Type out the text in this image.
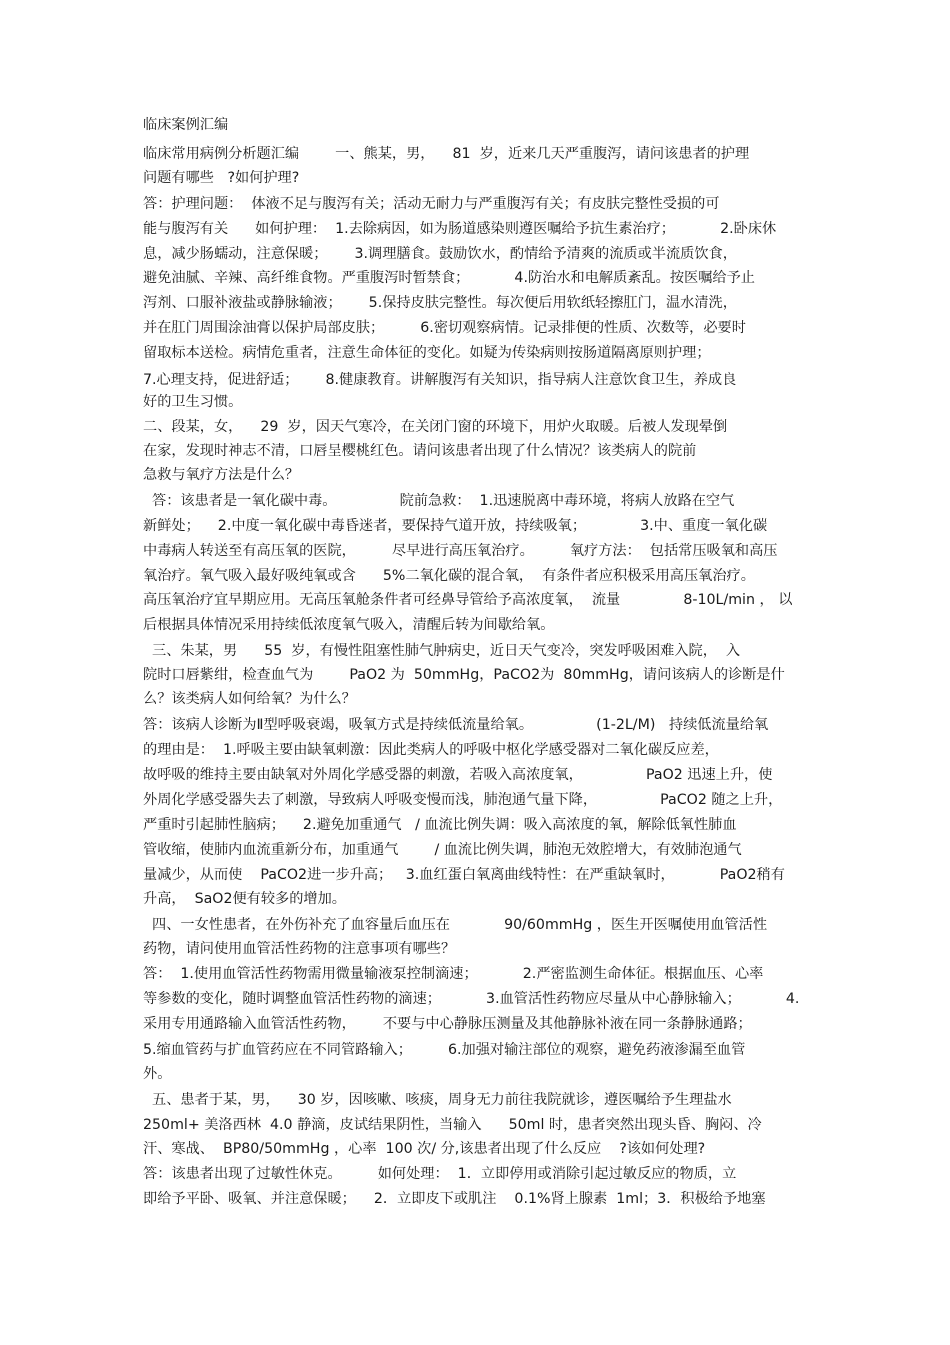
临床案例汇编
临床常用病例分析题汇编        一、熊某，男，    81  岁，近来几天严重腹泻，请问该患者的护理
问题有哪些   ?如何护理?
答：护理问题：  体液不足与腹泻有关；活动无耐力与严重腹泻有关；有皮肤完整性受损的可
能与腹泻有关      如何护理：  1.去除病因，如为肠道感染则遵医嘱给予抗生素治疗；          2.卧床休
息，减少肠蠕动，注意保暖；      3.调理膳食。鼓励饮水，酌情给予清爽的流质或半流质饮食，
避免油腻、辛辣、高纤维食物。严重腹泻时暂禁食；          4.防治水和电解质紊乱。按医嘱给予止
泻剂、口服补液盐或静脉输液；      5.保持皮肤完整性。每次便后用软纸轻擦肛门，温水清洗，
并在肛门周围涂油膏以保护局部皮肤；        6.密切观察病情。记录排便的性质、次数等，必要时
留取标本送检。病情危重者，注意生命体征的变化。如疑为传染病则按肠道隔离原则护理；
7.心理支持，促进舒适；      8.健康教育。讲解腹泻有关知识，指导病人注意饮食卫生，养成良
好的卫生习惯。
二、段某，女，    29  岁，因天气寒冷，在关闭门窗的环境下，用炉火取暖。后被人发现晕倒
在家，发现时神志不清，口唇呈樱桃红色。请问该患者出现了什么情况？该类病人的院前
急救与氧疗方法是什么？
答：该患者是一氧化碳中毒。              院前急救：  1.迅速脱离中毒环境，将病人放路在空气
新鲜处；    2.中度一氧化碳中毒昏迷者，要保持气道开放，持续吸氧；            3.中、重度一氧化碳
中毒病人转送至有高压氧的医院，        尽早进行高压氧治疗。        氧疗方法：  包括常压吸氧和高压
氧治疗。氧气吸入最好吸纯氧或含      5%二氧化碳的混合氧，  有条件者应积极采用高压氧治疗。
高压氧治疗宜早期应用。无高压氧舱条件者可经鼻导管给予高浓度氧，  流量              8-10L/min ， 以
后根据具体情况采用持续低浓度氧气吸入，清醒后转为间歇给氧。
三、朱某，男      55  岁，有慢性阻塞性肺气肿病史，近日天气变冷，突发呼吸困难入院，  入
院时口唇紫绀，检查血气为        PaO2 为  50mmHg，PaCO2为  80mmHg，请问该病人的诊断是什
么？该类病人如何给氧？为什么？
答：该病人诊断为Ⅱ型呼吸衰竭，吸氧方式是持续低流量给氧。              (1-2L/M)   持续低流量给氧
的理由是：  1.呼吸主要由缺氧刺激：因此类病人的呼吸中枢化学感受器对二氧化碳反应差，
故呼吸的维持主要由缺氧对外周化学感受器的刺激，若吸入高浓度氧，              PaO2 迅速上升，使
外周化学感受器失去了刺激，导致病人呼吸变慢而浅，肺泡通气量下降，              PaCO2 随之上升，
严重时引起肺性脑病；    2.避免加重通气   / 血流比例失调：吸入高浓度的氧，解除低氧性肺血
管收缩，使肺内血流重新分布，加重通气        / 血流比例失调，肺泡无效腔增大，有效肺泡通气
量减少，从而使    PaCO2进一步升高；   3.血红蛋白氧离曲线特性：在严重缺氧时，          PaO2稍有
升高，  SaO2便有较多的增加。
四、一女性患者，在外伤补充了血容量后血压在            90/60mmHg ，医生开医嘱使用血管活性
药物，请问使用血管活性药物的注意事项有哪些？
答：  1.使用血管活性药物需用微量输液泵控制滴速；          2.严密监测生命体征。根据血压、心率
等参数的变化，随时调整血管活性药物的滴速；          3.血管活性药物应尽量从中心静脉输入；          4.
采用专用通路输入血管活性药物，      不要与中心静脉压测量及其他静脉补液在同一条静脉通路；
5.缩血管药与扩血管药应在不同管路输入；        6.加强对输注部位的观察，避免药液渗漏至血管
外。
五、患者于某，男，    30 岁，因咳嗽、咳痰，周身无力前往我院就诊，遵医嘱给予生理盐水
250ml+ 美洛西林  4.0 静滴，皮试结果阴性，当输入      50ml 时，患者突然出现头昏、胸闷、冷
汗、寒战、  BP80/50mmHg ，心率  100 次/ 分,该患者出现了什么反应    ?该如何处理?
答：该患者出现了过敏性休克。        如何处理：  1．立即停用或消除引起过敏反应的物质，立
即给予平卧、吸氧、并注意保暖；    2．立即皮下或肌注    0.1%肾上腺素  1ml；3．积极给予地塞
